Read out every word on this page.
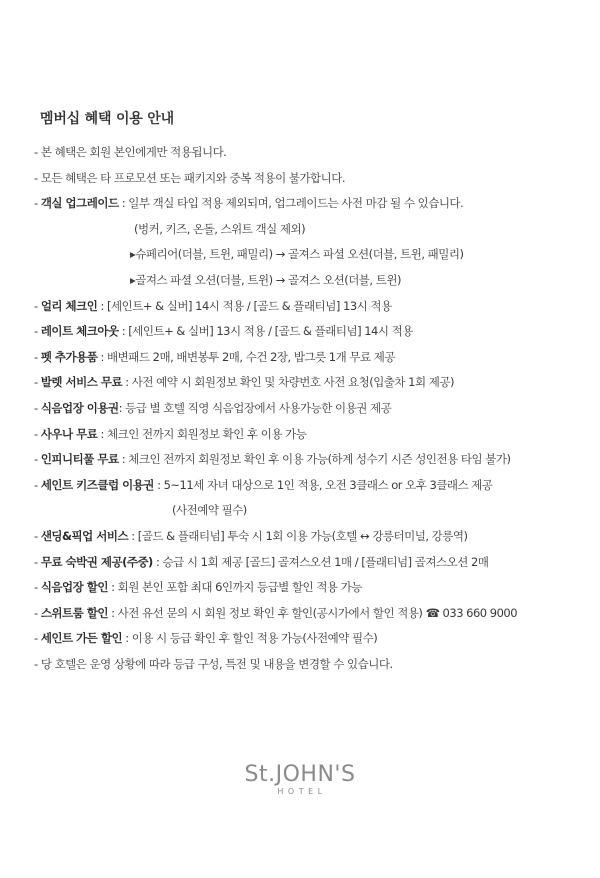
멤버십 혜택 이용 안내
- 본 혜택은 회원 본인에게만 적용됩니다.
- 모든 혜택은 타 프로모션 또는 패키지와 중복 적용이 불가합니다.
- 객실 업그레이드 : 일부 객실 타입 적용 제외되며, 업그레이드는 사전 마감 될 수 있습니다.
(벙커, 키즈, 온돌, 스위트 객실 제외)
▸슈페리어(더블, 트윈, 패밀리) → 골져스 파셜 오션(더블, 트윈, 패밀리)
▸골져스 파셜 오션(더블, 트윈) → 골져스 오션(더블, 트윈)
- 얼리 체크인 : [세인트+ & 실버] 14시 적용 / [골드 & 플래티넘] 13시 적용
- 레이트 체크아웃 : [세인트+ & 실버] 13시 적용 / [골드 & 플래티넘] 14시 적용
- 펫 추가용품 : 배변패드 2매, 배변봉투 2매, 수건 2장, 밥그릇 1개 무료 제공
- 발렛 서비스 무료 : 사전 예약 시 회원정보 확인 및 차량번호 사전 요청(입출차 1회 제공)
- 식음업장 이용권: 등급 별 호텔 직영 식음업장에서 사용가능한 이용권 제공
- 사우나 무료 : 체크인 전까지 회원정보 확인 후 이용 가능
- 인피니티풀 무료 : 체크인 전까지 회원정보 확인 후 이용 가능(하계 성수기 시즌 성인전용 타임 불가)
- 세인트 키즈클럽 이용권 : 5~11세 자녀 대상으로 1인 적용, 오전 3클래스 or 오후 3클래스 제공
(사전예약 필수)
- 샌딩&픽업 서비스 : [골드 & 플래티넘] 투숙 시 1회 이용 가능(호텔 ↔ 강릉터미널, 강릉역)
- 무료 숙박권 제공(주중) : 승급 시 1회 제공 [골드] 골져스오션 1매 / [플래티넘] 골져스오션 2매
- 식음업장 할인 : 회원 본인 포함 최대 6인까지 등급별 할인 적용 가능
- 스위트룸 할인 : 사전 유선 문의 시 회원 정보 확인 후 할인(공시가에서 할인 적용) ☎ 033 660 9000
- 세인트 가든 할인 : 이용 시 등급 확인 후 할인 적용 가능(사전예약 필수)
- 당 호텔은 운영 상황에 따라 등급 구성, 특전 및 내용을 변경할 수 있습니다.
St.JOHN'S
HOTEL
